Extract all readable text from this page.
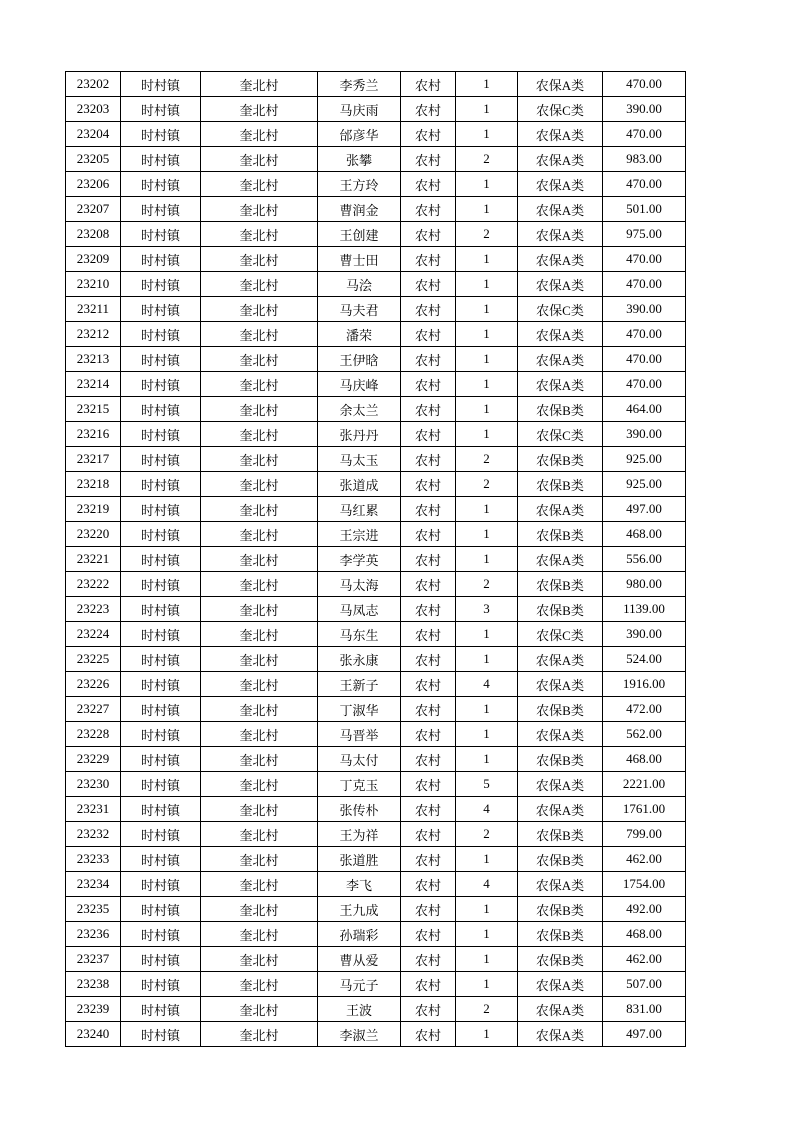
23202	时村镇	奎北村	李秀兰	农村	1	农保A类	470.00
23203	时村镇	奎北村	马庆雨	农村	1	农保C类	390.00
23204	时村镇	奎北村	邰彦华	农村	1	农保A类	470.00
23205	时村镇	奎北村	张攀	农村	2	农保A类	983.00
23206	时村镇	奎北村	王方玲	农村	1	农保A类	470.00
23207	时村镇	奎北村	曹润金	农村	1	农保A类	501.00
23208	时村镇	奎北村	王创建	农村	2	农保A类	975.00
23209	时村镇	奎北村	曹士田	农村	1	农保A类	470.00
23210	时村镇	奎北村	马浍	农村	1	农保A类	470.00
23211	时村镇	奎北村	马夫君	农村	1	农保C类	390.00
23212	时村镇	奎北村	潘荣	农村	1	农保A类	470.00
23213	时村镇	奎北村	王伊晗	农村	1	农保A类	470.00
23214	时村镇	奎北村	马庆峰	农村	1	农保A类	470.00
23215	时村镇	奎北村	余太兰	农村	1	农保B类	464.00
23216	时村镇	奎北村	张丹丹	农村	1	农保C类	390.00
23217	时村镇	奎北村	马太玉	农村	2	农保B类	925.00
23218	时村镇	奎北村	张道成	农村	2	农保B类	925.00
23219	时村镇	奎北村	马红累	农村	1	农保A类	497.00
23220	时村镇	奎北村	王宗进	农村	1	农保B类	468.00
23221	时村镇	奎北村	李学英	农村	1	农保A类	556.00
23222	时村镇	奎北村	马太海	农村	2	农保B类	980.00
23223	时村镇	奎北村	马凤志	农村	3	农保B类	1139.00
23224	时村镇	奎北村	马东生	农村	1	农保C类	390.00
23225	时村镇	奎北村	张永康	农村	1	农保A类	524.00
23226	时村镇	奎北村	王新子	农村	4	农保A类	1916.00
23227	时村镇	奎北村	丁淑华	农村	1	农保B类	472.00
23228	时村镇	奎北村	马晋举	农村	1	农保A类	562.00
23229	时村镇	奎北村	马太付	农村	1	农保B类	468.00
23230	时村镇	奎北村	丁克玉	农村	5	农保A类	2221.00
23231	时村镇	奎北村	张传朴	农村	4	农保A类	1761.00
23232	时村镇	奎北村	王为祥	农村	2	农保B类	799.00
23233	时村镇	奎北村	张道胜	农村	1	农保B类	462.00
23234	时村镇	奎北村	李飞	农村	4	农保A类	1754.00
23235	时村镇	奎北村	王九成	农村	1	农保B类	492.00
23236	时村镇	奎北村	孙瑞彩	农村	1	农保B类	468.00
23237	时村镇	奎北村	曹从爱	农村	1	农保B类	462.00
23238	时村镇	奎北村	马元子	农村	1	农保A类	507.00
23239	时村镇	奎北村	王波	农村	2	农保A类	831.00
23240	时村镇	奎北村	李淑兰	农村	1	农保A类	497.00
